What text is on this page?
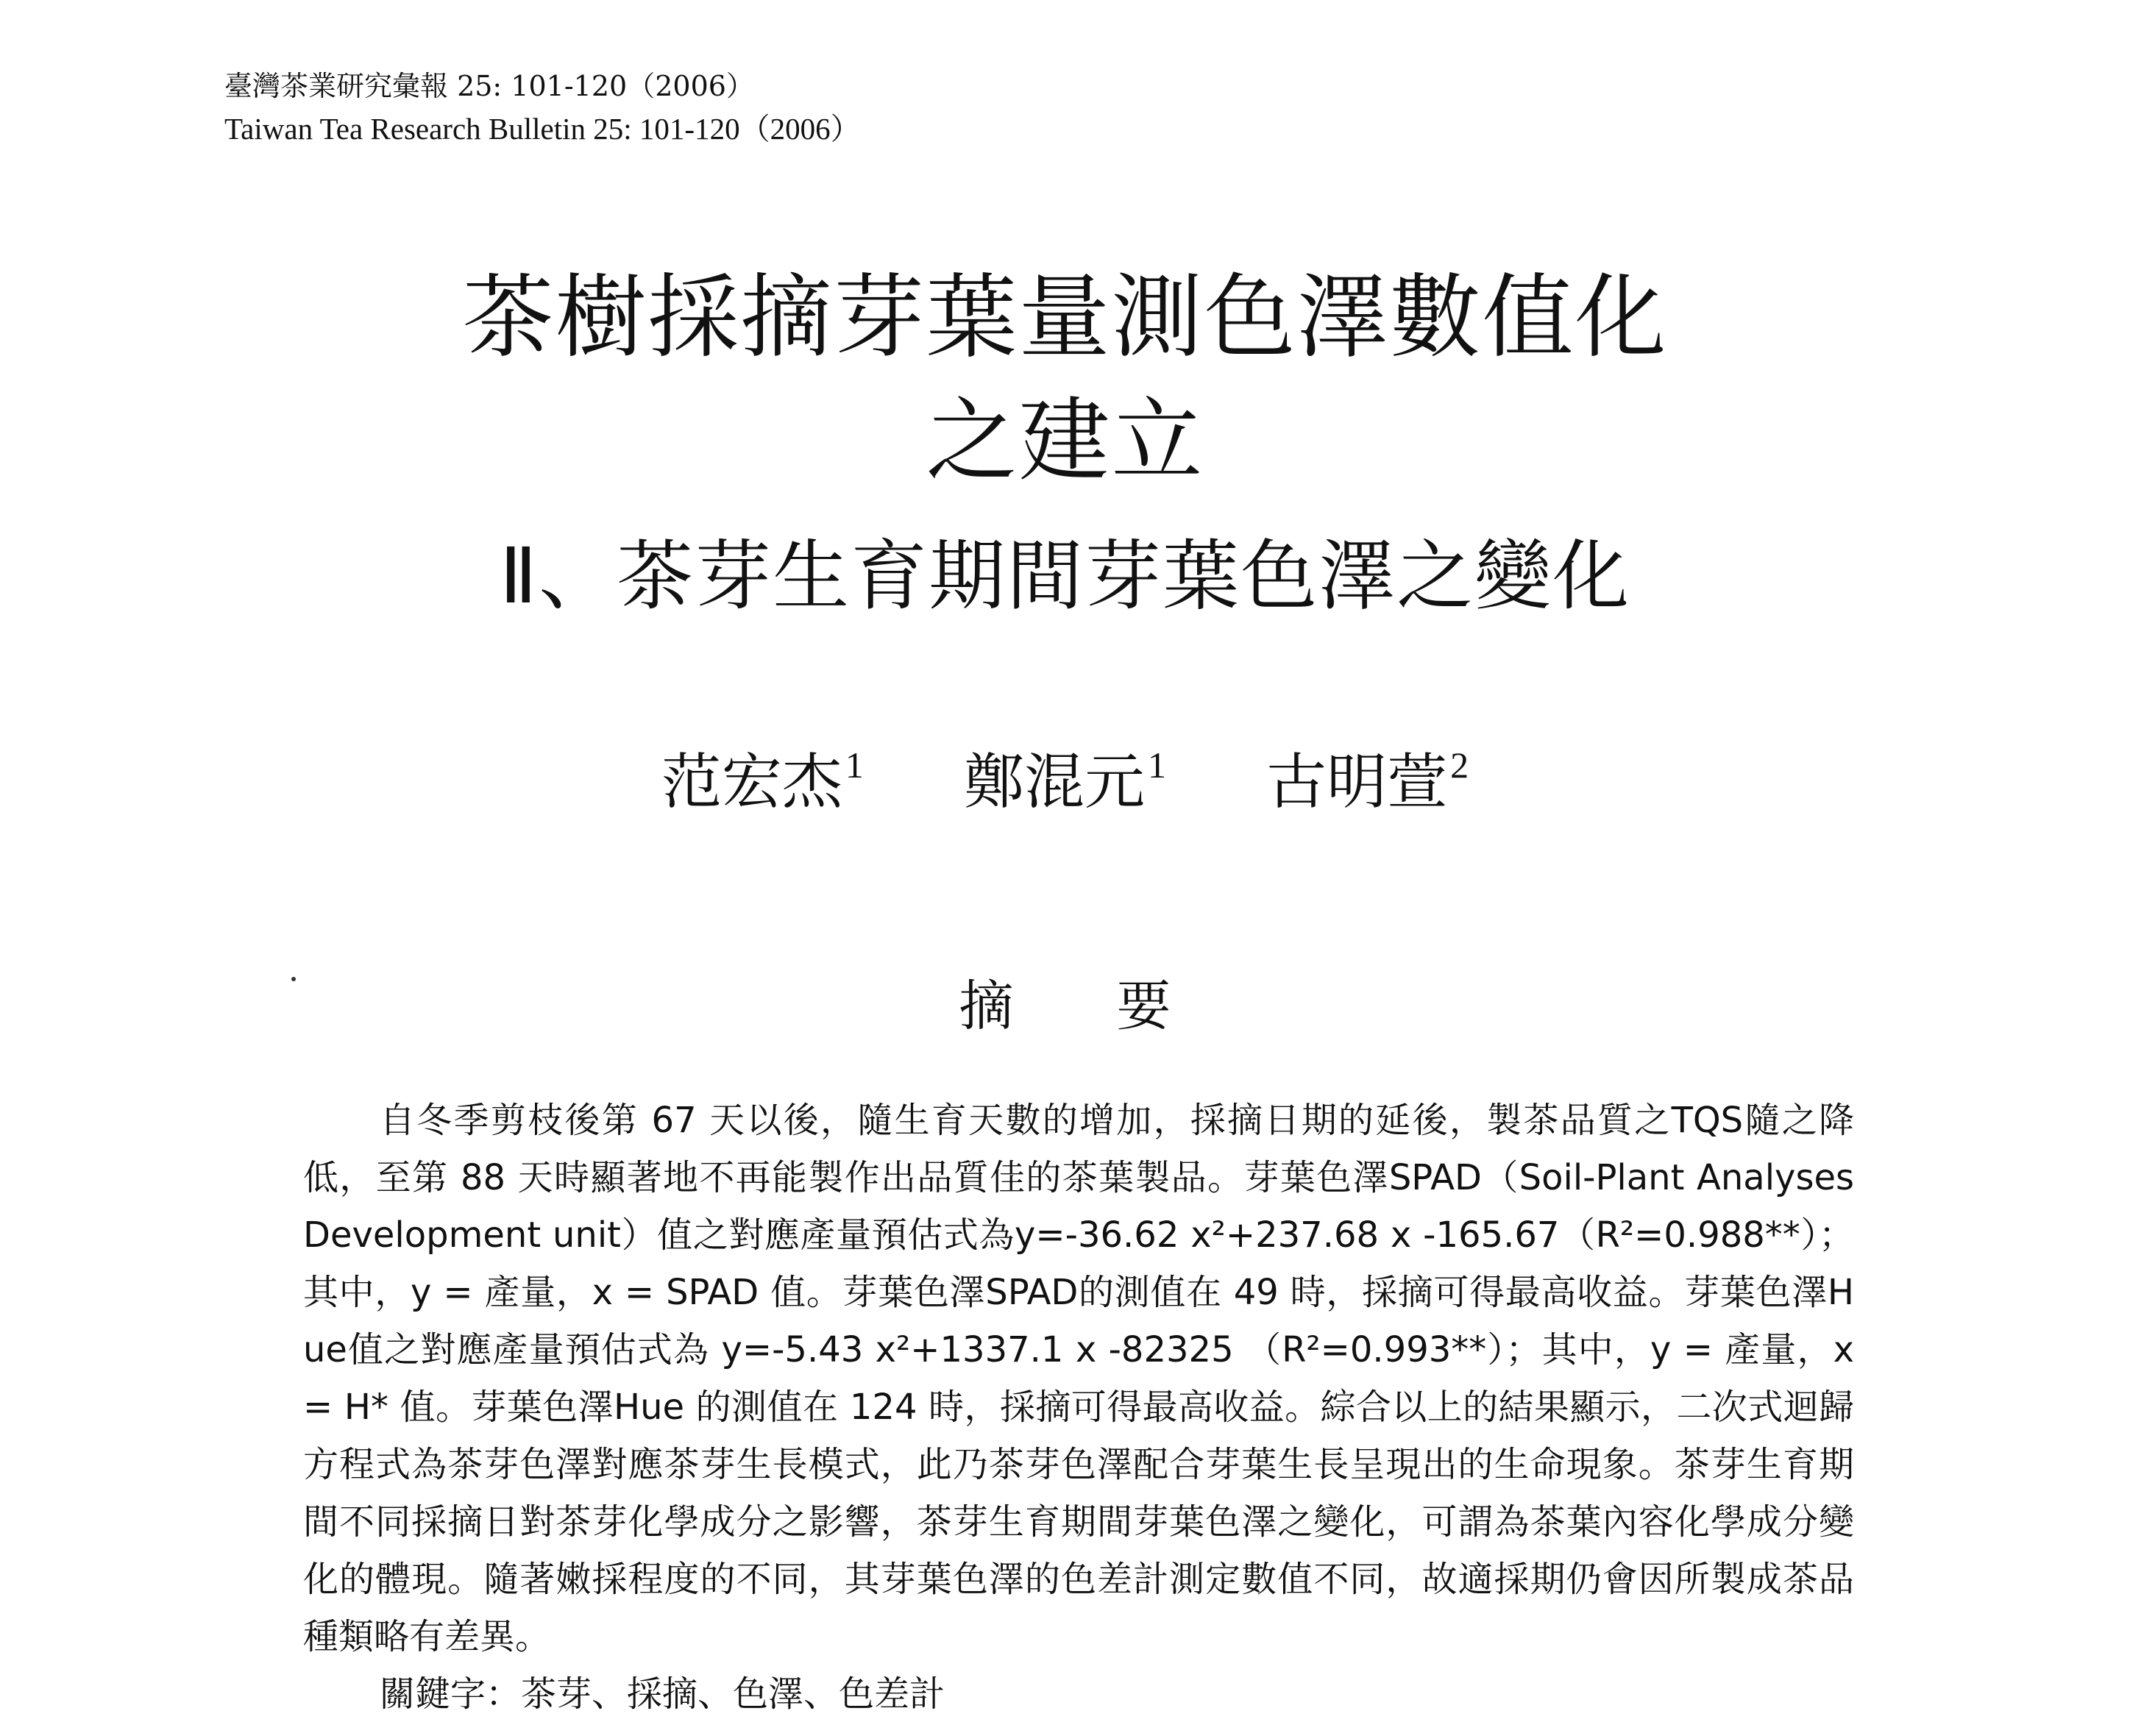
臺灣茶業研究彙報 25: 101-120（2006）
Taiwan Tea Research Bulletin 25: 101-120（2006）
茶樹採摘芽葉量測色澤數值化
之建立
Ⅱ、茶芽生育期間芽葉色澤之變化
范宏杰$^1$ 鄭混元$^1$ 古明萱$^2$
摘要

自冬季剪枝後第 67 天以後，隨生育天數的增加，採摘日期的延後，製茶品質之TQS隨之降低，至第 88 天時顯著地不再能製作出品質佳的茶葉製品。芽葉色澤SPAD（Soil-Plant Analyses Development unit）值之對應產量預估式為y=-36.62 x²+237.68 x -165.67（R²=0.988**）；其中，y = 產量，x = SPAD 值。芽葉色澤SPAD的測值在 49 時，採摘可得最高收益。芽葉色澤Hue值之對應產量預估式為 y=-5.43 x²+1337.1 x -82325 （R²=0.993**）；其中，y = 產量，x = H* 值。芽葉色澤Hue 的測值在 124 時，採摘可得最高收益。綜合以上的結果顯示，二次式迴歸方程式為茶芽色澤對應茶芽生長模式，此乃茶芽色澤配合芽葉生長呈現出的生命現象。茶芽生育期間不同採摘日對茶芽化學成分之影響，茶芽生育期間芽葉色澤之變化，可謂為茶葉內容化學成分變化的體現。隨著嫩採程度的不同，其芽葉色澤的色差計測定數值不同，故適採期仍會因所製成茶品種類略有差異。

關鍵字：茶芽、採摘、色澤、色差計
